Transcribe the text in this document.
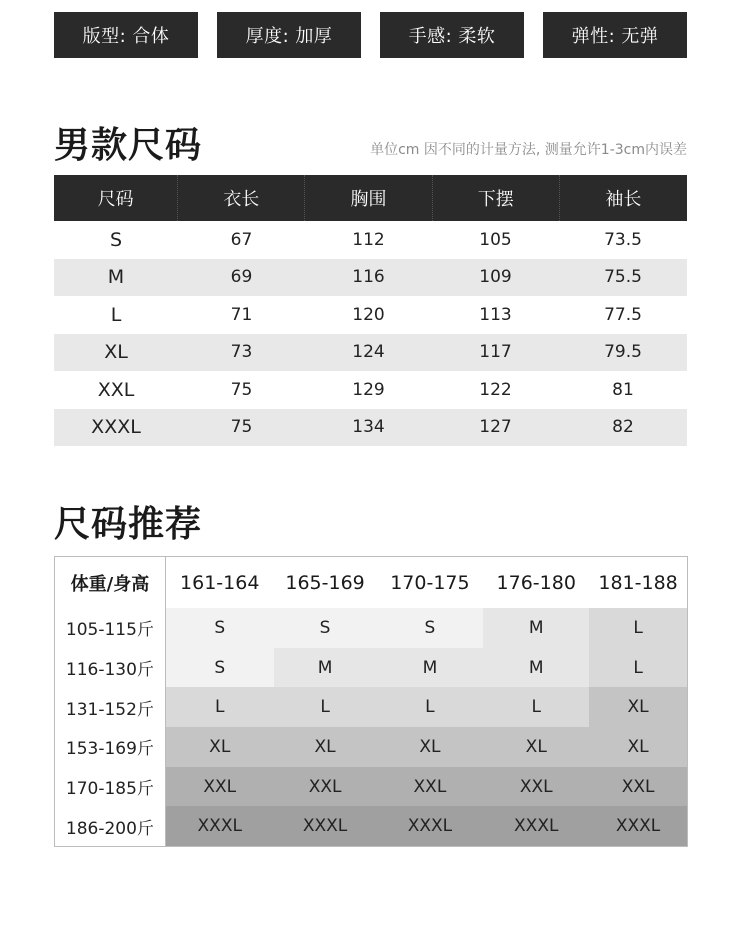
版型: 合体	厚度: 加厚	手感: 柔软	弹性: 无弹
男款尺码	单位cm 因不同的计量方法, 测量允许1-3cm内误差
尺码	衣长	胸围	下摆	袖长
S	67	112	105	73.5
M	69	116	109	75.5
L	71	120	113	77.5
XL	73	124	117	79.5
XXL	75	129	122	81
XXXL	75	134	127	82
尺码推荐
体重/身高	161-164	165-169	170-175	176-180	181-188
105-115斤	S	S	S	M	L
116-130斤	S	M	M	M	L
131-152斤	L	L	L	L	XL
153-169斤	XL	XL	XL	XL	XL
170-185斤	XXL	XXL	XXL	XXL	XXL
186-200斤	XXXL	XXXL	XXXL	XXXL	XXXL
